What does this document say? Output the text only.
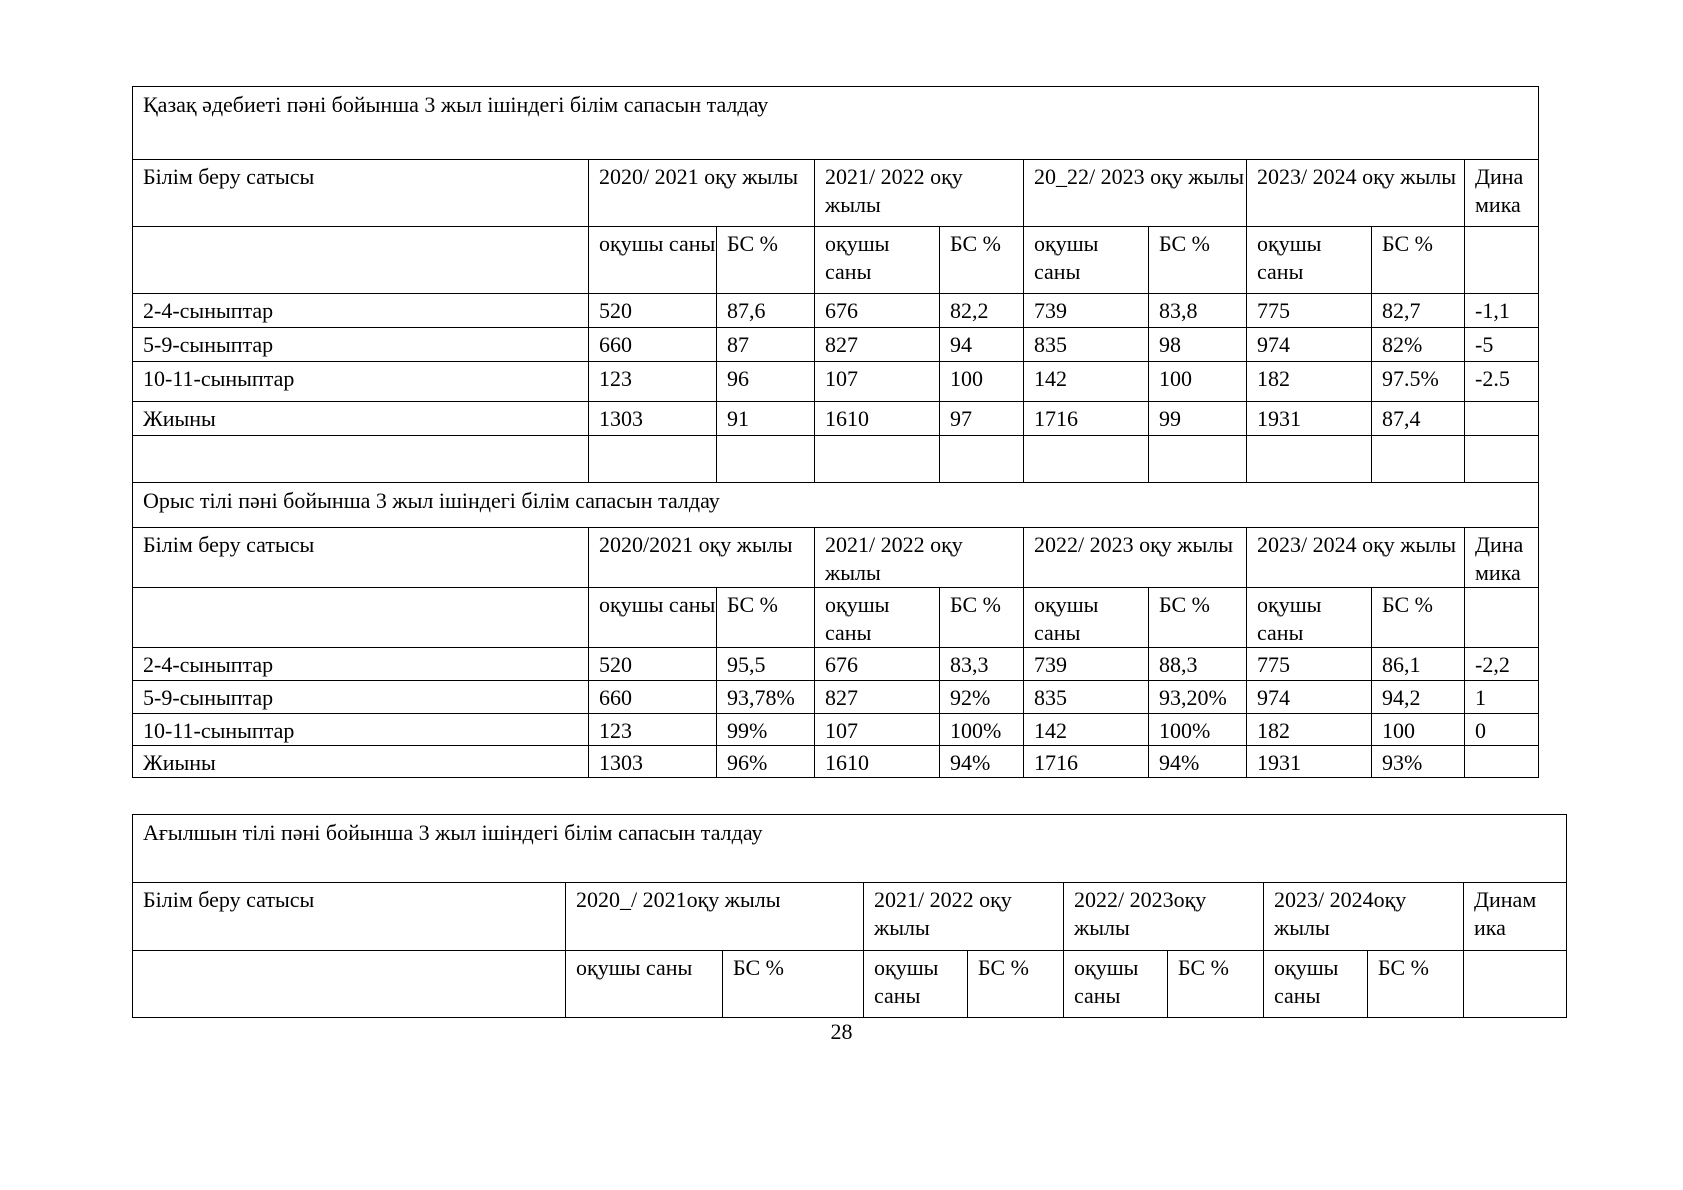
Қазақ әдебиеті пәні бойынша 3 жыл ішіндегі білім сапасын талдау									
Білім беру сатысы	2020/ 2021 оқу жылы		2021/ 2022 оқу жылы		20_22/ 2023 оқу жылы		2023/ 2024 оқу жылы		Дина мика
	оқушы саны	БС %	оқушы саны	БС %	оқушы саны	БС %	оқушы саны	БС %	
2-4-сыныптар	520	87,6	676	82,2	739	83,8	775	82,7	-1,1
5-9-сыныптар	660	87	827	94	835	98	974	82%	-5
10-11-сыныптар	123	96	107	100	142	100	182	97.5%	-2.5
Жиыны	1303	91	1610	97	1716	99	1931	87,4	

Орыс тілі пәні бойынша 3 жыл ішіндегі білім сапасын талдау									
Білім беру сатысы	2020/2021 оқу жылы		2021/ 2022 оқу жылы		2022/ 2023 оқу жылы		2023/ 2024 оқу жылы		Дина мика
	оқушы саны	БС %	оқушы саны	БС %	оқушы саны	БС %	оқушы саны	БС %	
2-4-сыныптар	520	95,5	676	83,3	739	88,3	775	86,1	-2,2
5-9-сыныптар	660	93,78%	827	92%	835	93,20%	974	94,2	1
10-11-сыныптар	123	99%	107	100%	142	100%	182	100	0
Жиыны	1303	96%	1610	94%	1716	94%	1931	93%	
Ағылшын тілі пәні бойынша 3 жыл ішіндегі білім сапасын талдау									
Білім беру сатысы	2020_/ 2021оқу жылы		2021/ 2022 оқу жылы		2022/ 2023оқу жылы		2023/ 2024оқу жылы		Динам ика
	оқушы саны	БС %	оқушы саны	БС %	оқушы саны	БС %	оқушы саны	БС %	
28
